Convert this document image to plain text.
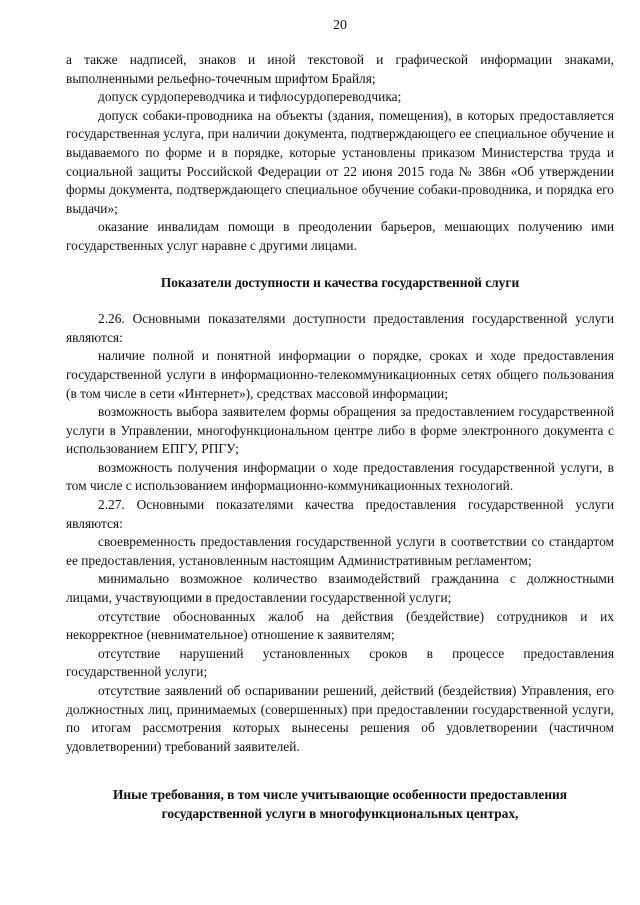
20

а также надписей, знаков и иной текстовой и графической информации знаками, выполненными рельефно-точечным шрифтом Брайля;

допуск сурдопереводчика и тифлосурдопереводчика;

допуск собаки-проводника на объекты (здания, помещения), в которых предоставляется государственная услуга, при наличии документа, подтверждающего ее специальное обучение и выдаваемого по форме и в порядке, которые установлены приказом Министерства труда и социальной защиты Российской Федерации от 22 июня 2015 года № 386н «Об утверждении формы документа, подтверждающего специальное обучение собаки-проводника, и порядка его выдачи»;

оказание инвалидам помощи в преодолении барьеров, мешающих получению ими государственных услуг наравне с другими лицами.

Показатели доступности и качества государственной слуги

2.26. Основными показателями доступности предоставления государственной услуги являются:

наличие полной и понятной информации о порядке, сроках и ходе предоставления государственной услуги в информационно-телекоммуникационных сетях общего пользования (в том числе в сети «Интернет»), средствах массовой информации;

возможность выбора заявителем формы обращения за предоставлением государственной услуги в Управлении, многофункциональном центре либо в форме электронного документа с использованием ЕПГУ, РПГУ;

возможность получения информации о ходе предоставления государственной услуги, в том числе с использованием информационно-коммуникационных технологий.

2.27. Основными показателями качества предоставления государственной услуги являются:

своевременность предоставления государственной услуги в соответствии со стандартом ее предоставления, установленным настоящим Административным регламентом;

минимально возможное количество взаимодействий гражданина с должностными лицами, участвующими в предоставлении государственной услуги;

отсутствие обоснованных жалоб на действия (бездействие) сотрудников и их некорректное (невнимательное) отношение к заявителям;

отсутствие нарушений установленных сроков в процессе предоставления государственной услуги;

отсутствие заявлений об оспаривании решений, действий (бездействия) Управления, его должностных лиц, принимаемых (совершенных) при предоставлении государственной услуги, по итогам рассмотрения которых вынесены решения об удовлетворении (частичном удовлетворении) требований заявителей.

Иные требования, в том числе учитывающие особенности предоставления государственной услуги в многофункциональных центрах,
